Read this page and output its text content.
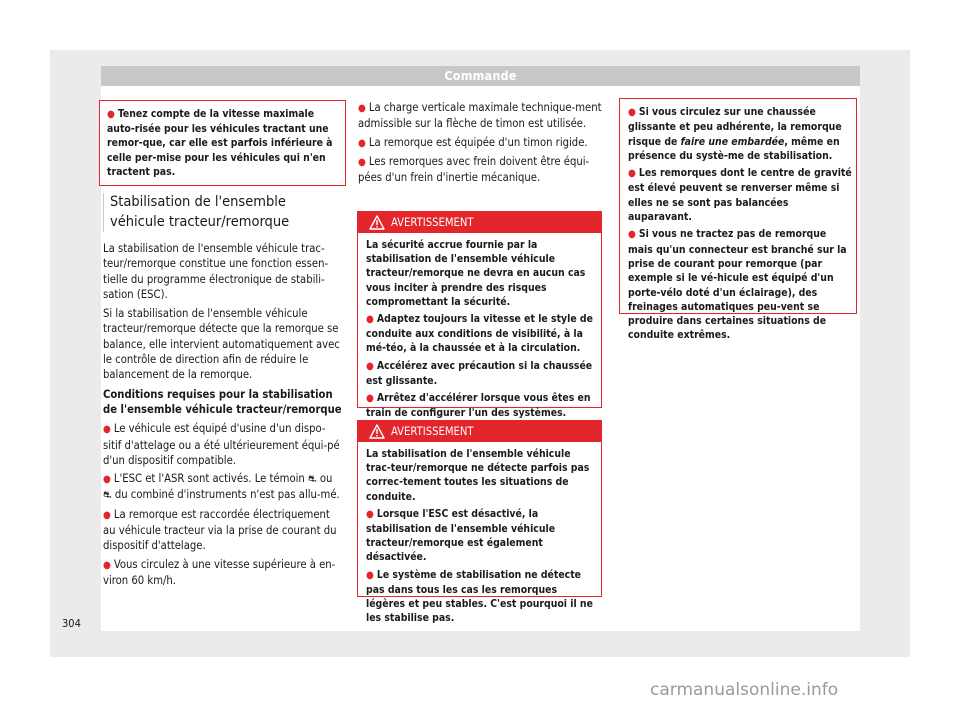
Commande
● Tenez compte de la vitesse maximale auto-risée pour les véhicules tractant une remor-que, car elle est parfois inférieure à celle per-mise pour les véhicules qui n'en tractent pas.
Stabilisation de l'ensemble véhicule tracteur/remorque

La stabilisation de l'ensemble véhicule trac-teur/remorque constitue une fonction essen-tielle du programme électronique de stabili-sation (ESC).

Si la stabilisation de l'ensemble véhicule tracteur/remorque détecte que la remorque se balance, elle intervient automatiquement avec le contrôle de direction afin de réduire le balancement de la remorque.

Conditions requises pour la stabilisation de l'ensemble véhicule tracteur/remorque

● Le véhicule est équipé d'usine d'un dispo-sitif d'attelage ou a été ultérieurement équi-pé d'un dispositif compatible.
● L'ESC et l'ASR sont activés. Le témoin ⛐ ou ⛐ du combiné d'instruments n'est pas allu-mé.
● La remorque est raccordée électriquement au véhicule tracteur via la prise de courant du dispositif d'attelage.
● Vous circulez à une vitesse supérieure à en-viron 60 km/h.
● La charge verticale maximale technique-ment admissible sur la flèche de timon est utilisée.
● La remorque est équipée d'un timon rigide.
● Les remorques avec frein doivent être équi-pées d'un frein d'inertie mécanique.
AVERTISSEMENT

La sécurité accrue fournie par la stabilisation de l'ensemble véhicule tracteur/remorque ne devra en aucun cas vous inciter à prendre des risques compromettant la sécurité.

● Adaptez toujours la vitesse et le style de conduite aux conditions de visibilité, à la mé-téo, à la chaussée et à la circulation.

● Accélérez avec précaution si la chaussée est glissante.

● Arrêtez d'accélérer lorsque vous êtes en train de configurer l'un des systèmes.

AVERTISSEMENT

La stabilisation de l'ensemble véhicule trac-teur/remorque ne détecte parfois pas correc-tement toutes les situations de conduite.

● Lorsque l'ESC est désactivé, la stabilisation de l'ensemble véhicule tracteur/remorque est également désactivée.

● Le système de stabilisation ne détecte pas dans tous les cas les remorques légères et peu stables. C'est pourquoi il ne les stabilise pas.

● Si vous circulez sur une chaussée glissante et peu adhérente, la remorque risque de faire une embardée, même en présence du systè-me de stabilisation.

● Les remorques dont le centre de gravité est élevé peuvent se renverser même si elles ne se sont pas balancées auparavant.

● Si vous ne tractez pas de remorque mais qu'un connecteur est branché sur la prise de courant pour remorque (par exemple si le vé-hicule est équipé d'un porte-vélo doté d'un éclairage), des freinages automatiques peu-vent se produire dans certaines situations de conduite extrêmes.

304
carmanualsonline.info
